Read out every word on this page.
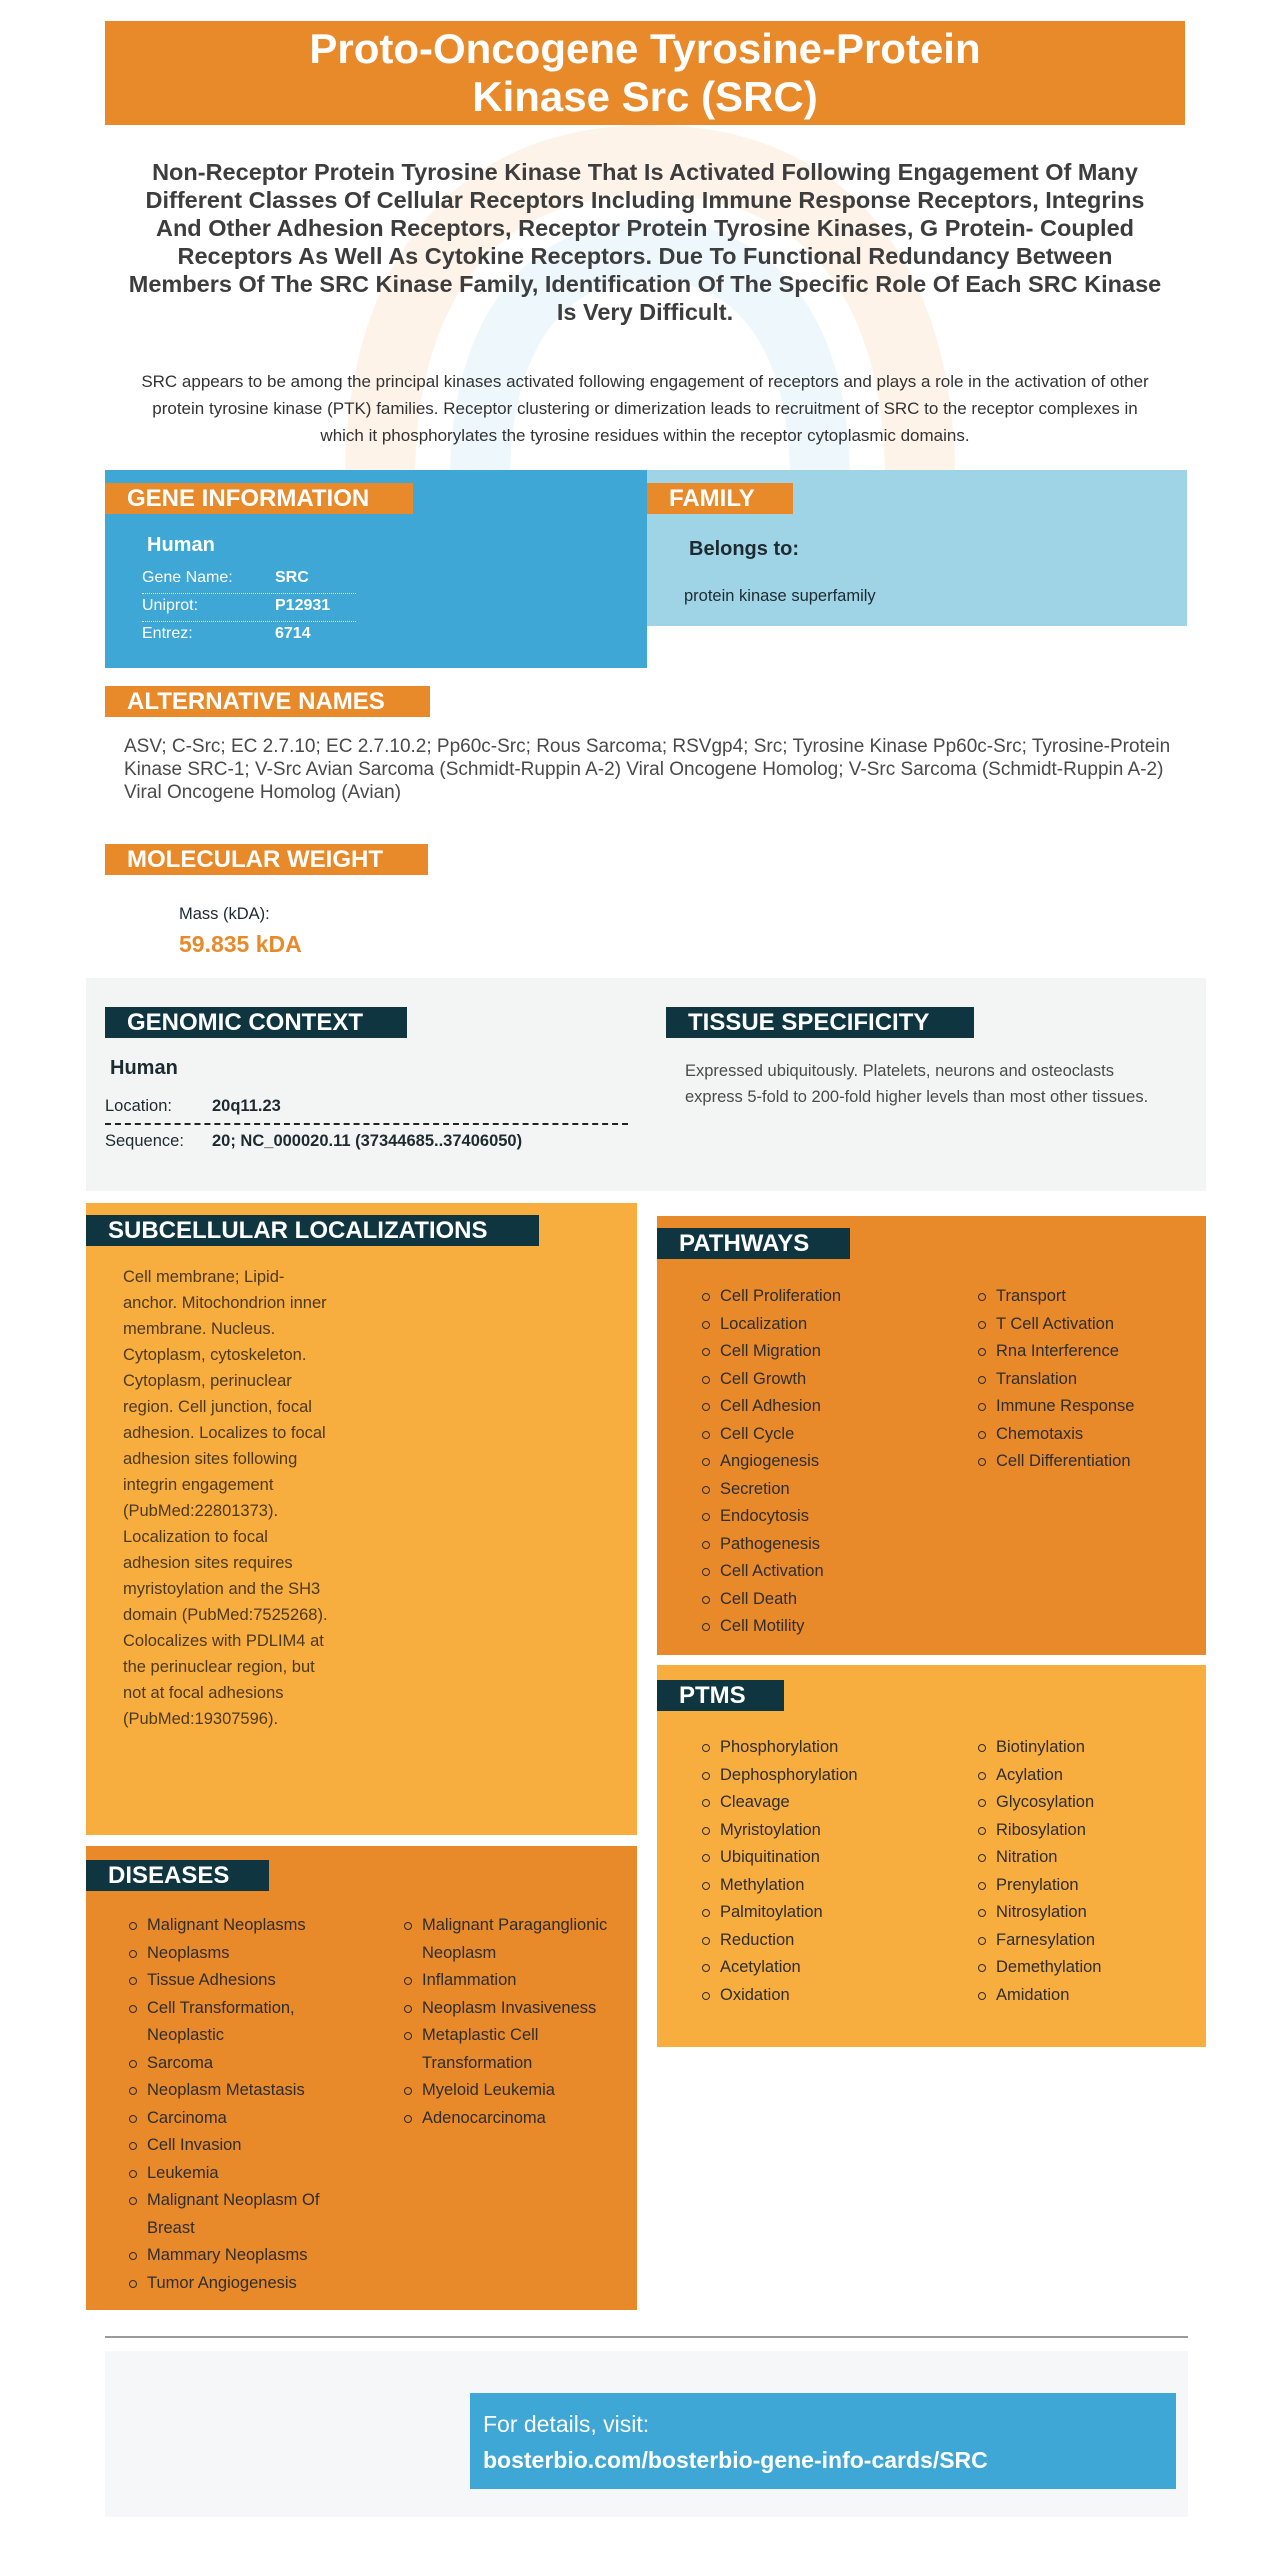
Proto-Oncogene Tyrosine-Protein Kinase Src (SRC)
Non-Receptor Protein Tyrosine Kinase That Is Activated Following Engagement Of Many Different Classes Of Cellular Receptors Including Immune Response Receptors, Integrins And Other Adhesion Receptors, Receptor Protein Tyrosine Kinases, G Protein- Coupled Receptors As Well As Cytokine Receptors. Due To Functional Redundancy Between Members Of The SRC Kinase Family, Identification Of The Specific Role Of Each SRC Kinase Is Very Difficult.
SRC appears to be among the principal kinases activated following engagement of receptors and plays a role in the activation of other protein tyrosine kinase (PTK) families. Receptor clustering or dimerization leads to recruitment of SRC to the receptor complexes in which it phosphorylates the tyrosine residues within the receptor cytoplasmic domains.
GENE INFORMATION
Human
Gene Name:	SRC
Uniprot:	P12931
Entrez:	6714
FAMILY
Belongs to:
protein kinase superfamily
ALTERNATIVE NAMES
ASV; C-Src; EC 2.7.10; EC 2.7.10.2; Pp60c-Src; Rous Sarcoma; RSVgp4; Src; Tyrosine Kinase Pp60c-Src; Tyrosine-Protein Kinase SRC-1; V-Src Avian Sarcoma (Schmidt-Ruppin A-2) Viral Oncogene Homolog; V-Src Sarcoma (Schmidt-Ruppin A-2) Viral Oncogene Homolog (Avian)
MOLECULAR WEIGHT
Mass (kDA):
59.835 kDA
GENOMIC CONTEXT
Human
Location: 20q11.23
Sequence: 20; NC_000020.11 (37344685..37406050)
TISSUE SPECIFICITY
Expressed ubiquitously. Platelets, neurons and osteoclasts express 5-fold to 200-fold higher levels than most other tissues.
SUBCELLULAR LOCALIZATIONS
Cell membrane; Lipid-anchor. Mitochondrion inner membrane. Nucleus. Cytoplasm, cytoskeleton. Cytoplasm, perinuclear region. Cell junction, focal adhesion. Localizes to focal adhesion sites following integrin engagement (PubMed:22801373). Localization to focal adhesion sites requires myristoylation and the SH3 domain (PubMed:7525268). Colocalizes with PDLIM4 at the perinuclear region, but not at focal adhesions (PubMed:19307596).
PATHWAYS
Cell Proliferation
Localization
Cell Migration
Cell Growth
Cell Adhesion
Cell Cycle
Angiogenesis
Secretion
Endocytosis
Pathogenesis
Cell Activation
Cell Death
Cell Motility
Transport
T Cell Activation
Rna Interference
Translation
Immune Response
Chemotaxis
Cell Differentiation
PTMS
Phosphorylation
Dephosphorylation
Cleavage
Myristoylation
Ubiquitination
Methylation
Palmitoylation
Reduction
Acetylation
Oxidation
Biotinylation
Acylation
Glycosylation
Ribosylation
Nitration
Prenylation
Nitrosylation
Farnesylation
Demethylation
Amidation
DISEASES
Malignant Neoplasms
Neoplasms
Tissue Adhesions
Cell Transformation, Neoplastic
Sarcoma
Neoplasm Metastasis
Carcinoma
Cell Invasion
Leukemia
Malignant Neoplasm Of Breast
Mammary Neoplasms
Tumor Angiogenesis
Malignant Paraganglionic Neoplasm
Inflammation
Neoplasm Invasiveness
Metaplastic Cell Transformation
Myeloid Leukemia
Adenocarcinoma
For details, visit:
bosterbio.com/bosterbio-gene-info-cards/SRC
